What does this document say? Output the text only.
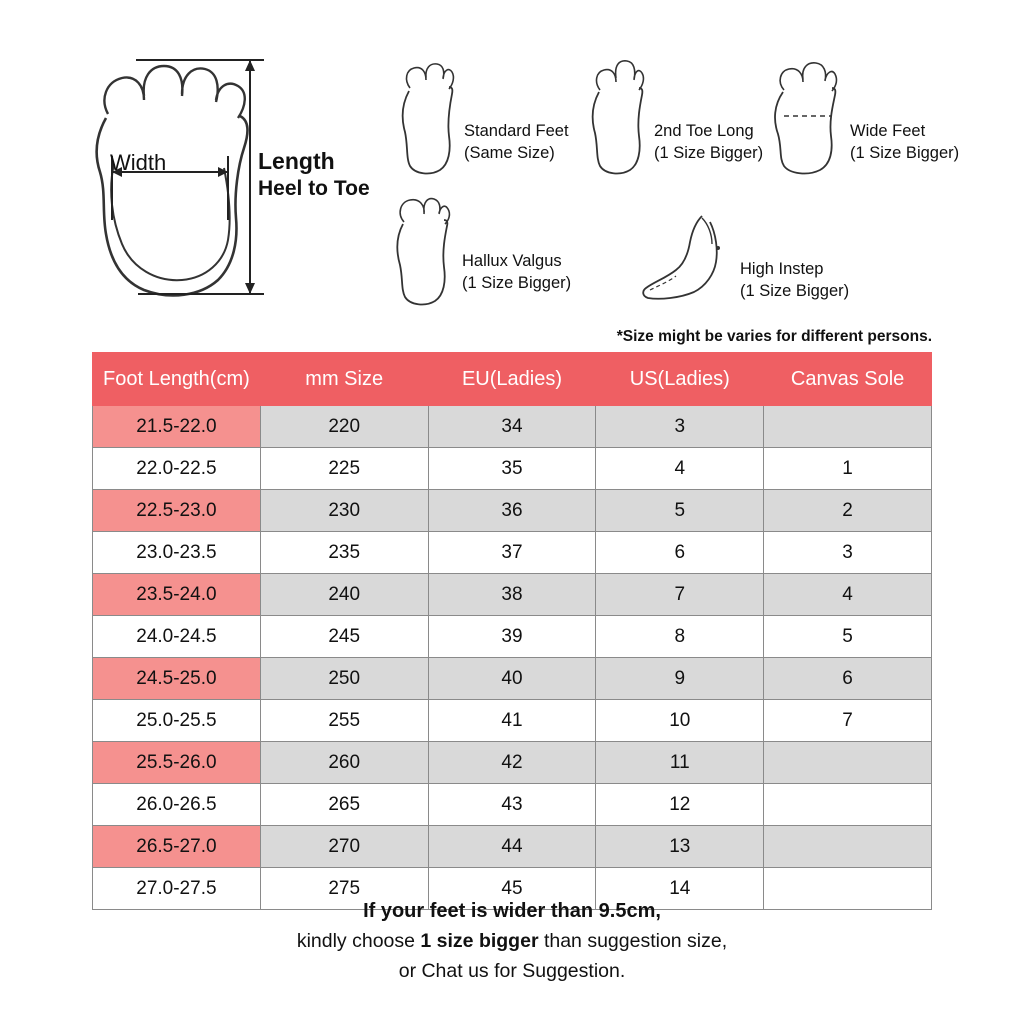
Width	Length
Heel to Toe
Standard Feet
(Same Size)
2nd Toe Long
(1 Size Bigger)
Wide Feet
(1 Size Bigger)
Hallux Valgus
(1 Size Bigger)
High Instep
(1 Size Bigger)
*Size might be varies for different persons.
Foot Length(cm)	mm Size	EU(Ladies)	US(Ladies)	Canvas Sole
21.5-22.0	220	34	3	
22.0-22.5	225	35	4	1
22.5-23.0	230	36	5	2
23.0-23.5	235	37	6	3
23.5-24.0	240	38	7	4
24.0-24.5	245	39	8	5
24.5-25.0	250	40	9	6
25.0-25.5	255	41	10	7
25.5-26.0	260	42	11	
26.0-26.5	265	43	12	
26.5-27.0	270	44	13	
27.0-27.5	275	45	14	
If your feet is wider than 9.5cm,
kindly choose 1 size bigger than suggestion size,
or Chat us for Suggestion.
